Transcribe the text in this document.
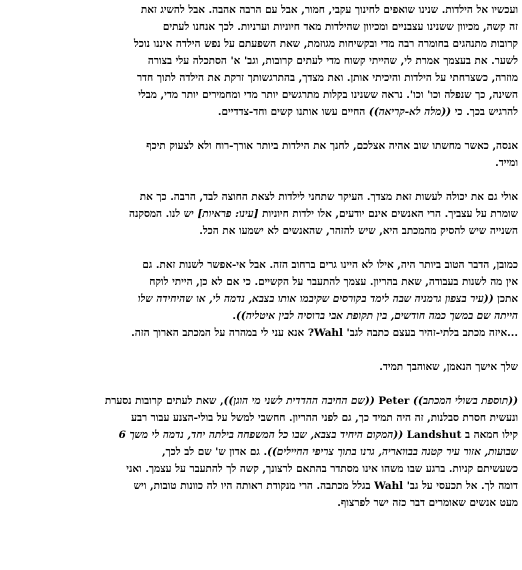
ועכשיו אל הילדות. שנינו שואפים לחינוך עקבי, חמור, אבל עם הרבה אהבה. אבל להשיג זאת
זה קשה, מכיוון ששנינו עצבניים ומכיוון שהילדות מאד חיוניות וערניות. לכך אנחנו לעתים
קרובות מתנהגים בחומרה רבה מדי ובקשיחות מגוזמת, שאת השפעתם על נפש הילדה איננו נוכל
לשער. את בעצמך אמרת לי, שהייתי קשוח מדי לעתים קרובות, וגב' א' הסתכלה עלי בצורה
מוזרה, כשצרחתי על הילדות והיכיתי אותן. ואת מצדך, בהתרגשותך זרקת את הילדה לתוך חדר
השינה, כך שנפלה וכו' וכו'. נראה ששנינו בקלות מתרגשים יותר מדי ומחמירים יותר מדי, מבלי
להרגיש בכך. כי ((מלה לא-קריאה)) החיים עשו אותנו קשים וחד-צדדיים.
אנסה, כאשר מחשתו שוב אהיה אצלכם, לחנך את הילדות ביותר אורך-רוח ולא לצעוק תיכף
ומייד.
אולי גם את יכולה לעשות זאת מצדך. העיקר שתחני לילדות לצאת החוצה לבד, הרבה. כך את
שומרת על עצביך. הרי האנשים אינם יודעים, אלו ילדות חיוניות [עינו: פראיות] יש לנו. המסקנה
השנייה שיש להסיק מהמכתב היא, שיש להזהר, שהאנשים לא ישמעו את הכל.
כמובן, הדבר הטוב ביותר היה, אילו לא היינו גרים ברחוב הזה. אבל אי-אפשר לשנות זאת. גם
אין מה לשנות בעבודה, שאת בהריון. עצמך להתעבר על הקשיים. כי אם לא כן, הייתי לוקח
אתכן ((עיר בצפון גרמניה שבה לימד בקורסים שקיבמו אותו בצבא, נדמה לי, או שהיחידה שלו
הייתה שם במשך כמה חודשים, בין תקופת אבי ברוסיה לבין איטליה)).
...איזה מכתב בלתי-זהיר בעצם כתבה לגב' Wahl? אנא עני לי במהרה על המכתב הארוך הזה.
שלך אישך הנאמן, שאוהבך תמיד.
((תוספת בשולי המכתב)) Peter ((שם החיבה ההדדית לשני מי הוגן)), שאת לעתים קרובות נסערת
ונעשית חסרת סבלנות, זה היה תמיד כך, גם לפני ההריון. חחשבי למשל על בולי-הצנע עבור רבע
קילו חמאה ב Landshut ((המקום היחיד בצבא, שבו כל המשפחה בילתה יחד, נדמה לי משך 6
שבועות, אזור עיר קטנה בבוואריה, גרנו בתוך צריפי החיילים)). גם אדון ש' שם לב לכך,
כשעשיתם קניות. ברגע שבו משהו אינו מסתדר בהתאם לרצונך, קשה לך להתעבר על עצמך. ואני
דומה לך. אל תכעסי על גב' Wahl בגלל מכתבה. הרי מנקודת ראותה היו לה כוונות טובות, ויש
מעט אנשים שאומרים דבר כזה ישר לפרצוף.
